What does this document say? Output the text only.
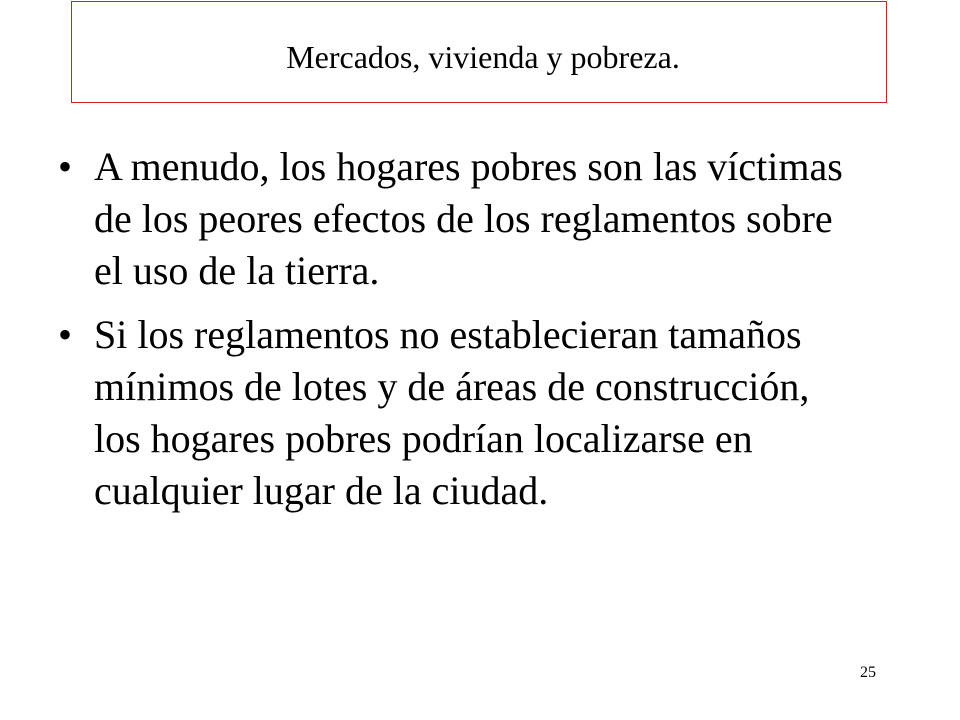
Mercados, vivienda y pobreza.
• A menudo, los hogares pobres son las víctimas
de los peores efectos de los reglamentos sobre
el uso de la tierra.
• Si los reglamentos no establecieran tamaños
mínimos de lotes y de áreas de construcción,
los hogares pobres podrían localizarse en
cualquier lugar de la ciudad.
25
